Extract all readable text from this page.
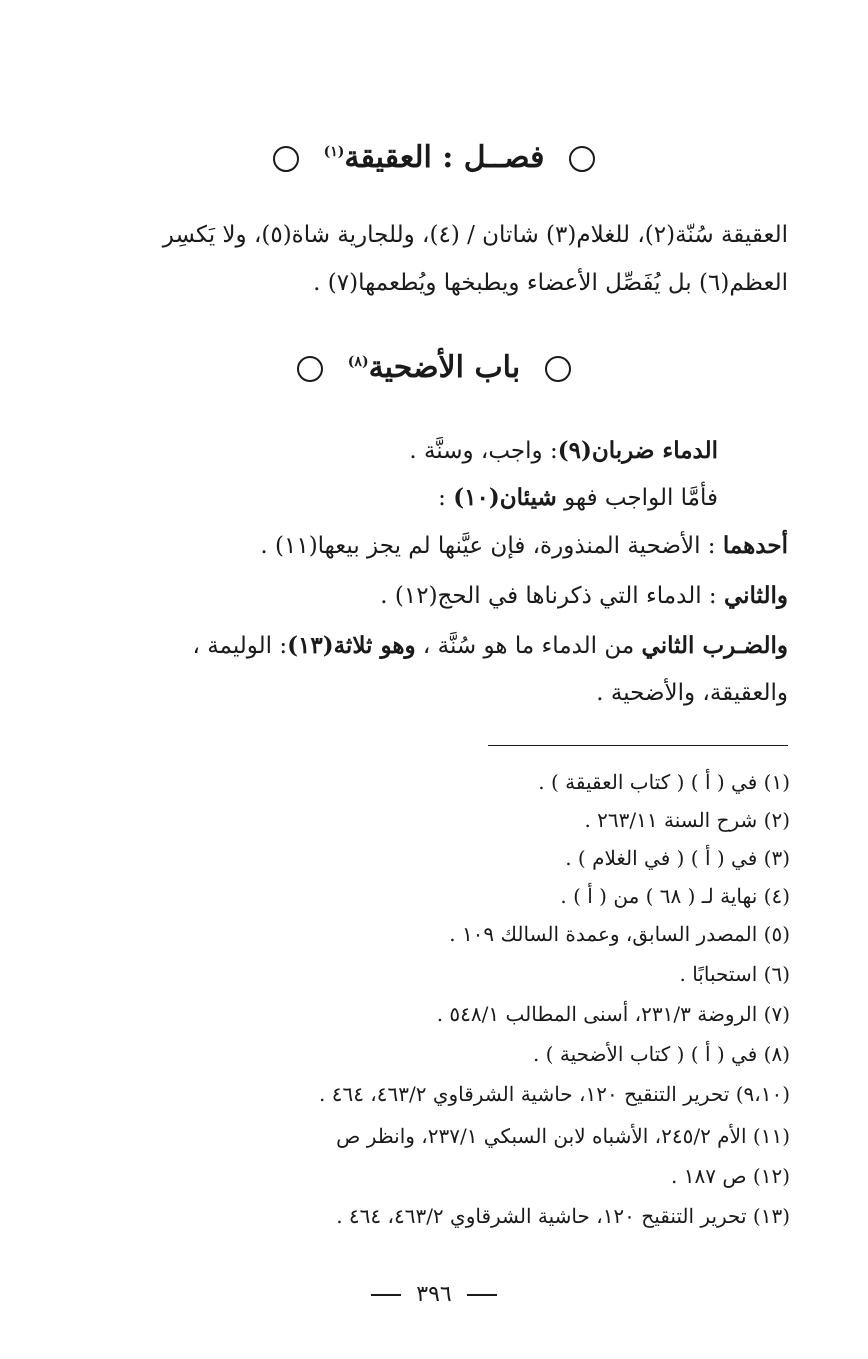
فصــل : العقيقة$^{(١)}$
العقيقة سُنّة(٢)، للغلام(٣) شاتان / (٤)، وللجارية شاة(٥)، ولا يَكسِر
العظم(٦) بل يُفَصِّل الأعضاء ويطبخها ويُطعمها(٧) .
باب الأضحية$^{(٨)}$
الدماء ضربان(٩): واجب، وسنَّة .
فأمَّا الواجب فهو شيئان(١٠) :
أحدهما : الأضحية المنذورة، فإن عيَّنها لم يجز بيعها(١١) .
والثاني : الدماء التي ذكرناها في الحج(١٢) .
والضـرب الثاني من الدماء ما هو سُنَّة ، وهو ثلاثة(١٣): الوليمة ،
والعقيقة، والأضحية .
(١) في ( أ ) ( كتاب العقيقة ) .
(٢) شرح السنة ٢٦٣/١١ .
(٣) في ( أ ) ( في الغلام ) .
(٤) نهاية لـ ( ٦٨ ) من ( أ ) .
(٥) المصدر السابق، وعمدة السالك ١٠٩ .
(٦) استحبابًا .
(٧) الروضة ٢٣١/٣، أسنى المطالب ٥٤٨/١ .
(٨) في ( أ ) ( كتاب الأضحية ) .
(٩،١٠) تحرير التنقيح ١٢٠، حاشية الشرقاوي ٤٦٣/٢، ٤٦٤ .
(١١) الأم ٢٤٥/٢، الأشباه لابن السبكي ٢٣٧/١، وانظر ص
(١٢) ص ١٨٧ .
(١٣) تحرير التنقيح ١٢٠، حاشية الشرقاوي ٤٦٣/٢، ٤٦٤ .
٣٩٦
